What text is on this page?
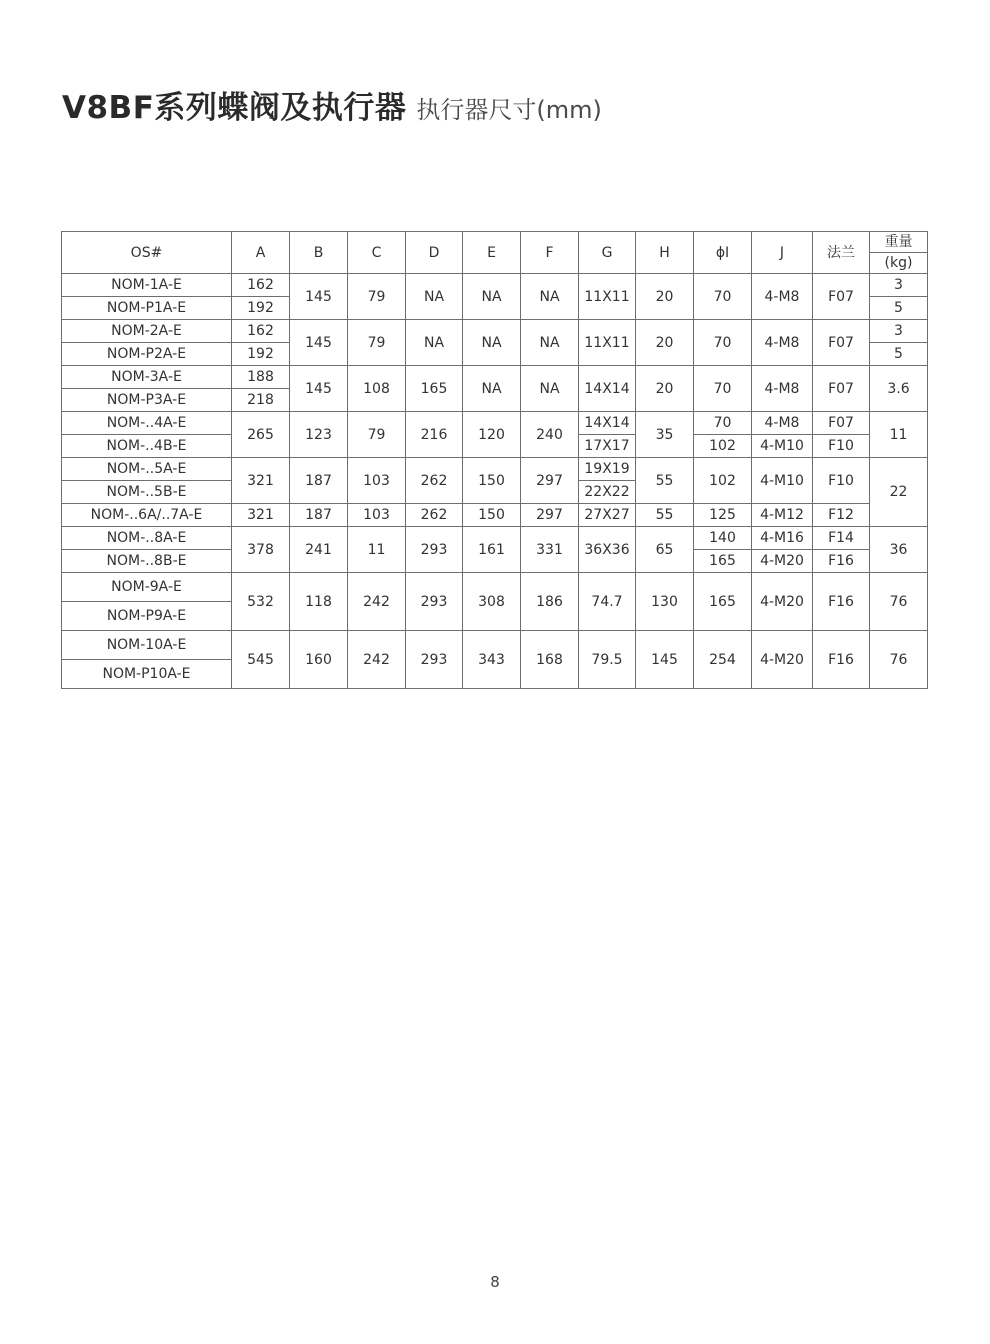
V8BF系列蝶阀及执行器 执行器尺寸(mm)
OS#	A	B	C	D	E	F	G	H	ϕI	J	法兰	重量
												(kg)
NOM-1A-E	162	145	79	NA	NA	NA	11X11	20	70	4-M8	F07	3
NOM-P1A-E	192											5
NOM-2A-E	162	145	79	NA	NA	NA	11X11	20	70	4-M8	F07	3
NOM-P2A-E	192											5
NOM-3A-E	188	145	108	165	NA	NA	14X14	20	70	4-M8	F07	3.6
NOM-P3A-E	218											
NOM-..4A-E	265	123	79	216	120	240	14X14	35	70	4-M8	F07	11
NOM-..4B-E							17X17		102	4-M10	F10	
NOM-..5A-E	321	187	103	262	150	297	19X19	55	102	4-M10	F10	22
NOM-..5B-E							22X22					
NOM-..6A/..7A-E	321	187	103	262	150	297	27X27	55	125	4-M12	F12	
NOM-..8A-E	378	241	11	293	161	331	36X36	65	140	4-M16	F14	36
NOM-..8B-E									165	4-M20	F16	
NOM-9A-E	532	118	242	293	308	186	74.7	130	165	4-M20	F16	76
NOM-P9A-E												
NOM-10A-E	545	160	242	293	343	168	79.5	145	254	4-M20	F16	76
NOM-P10A-E												
8
